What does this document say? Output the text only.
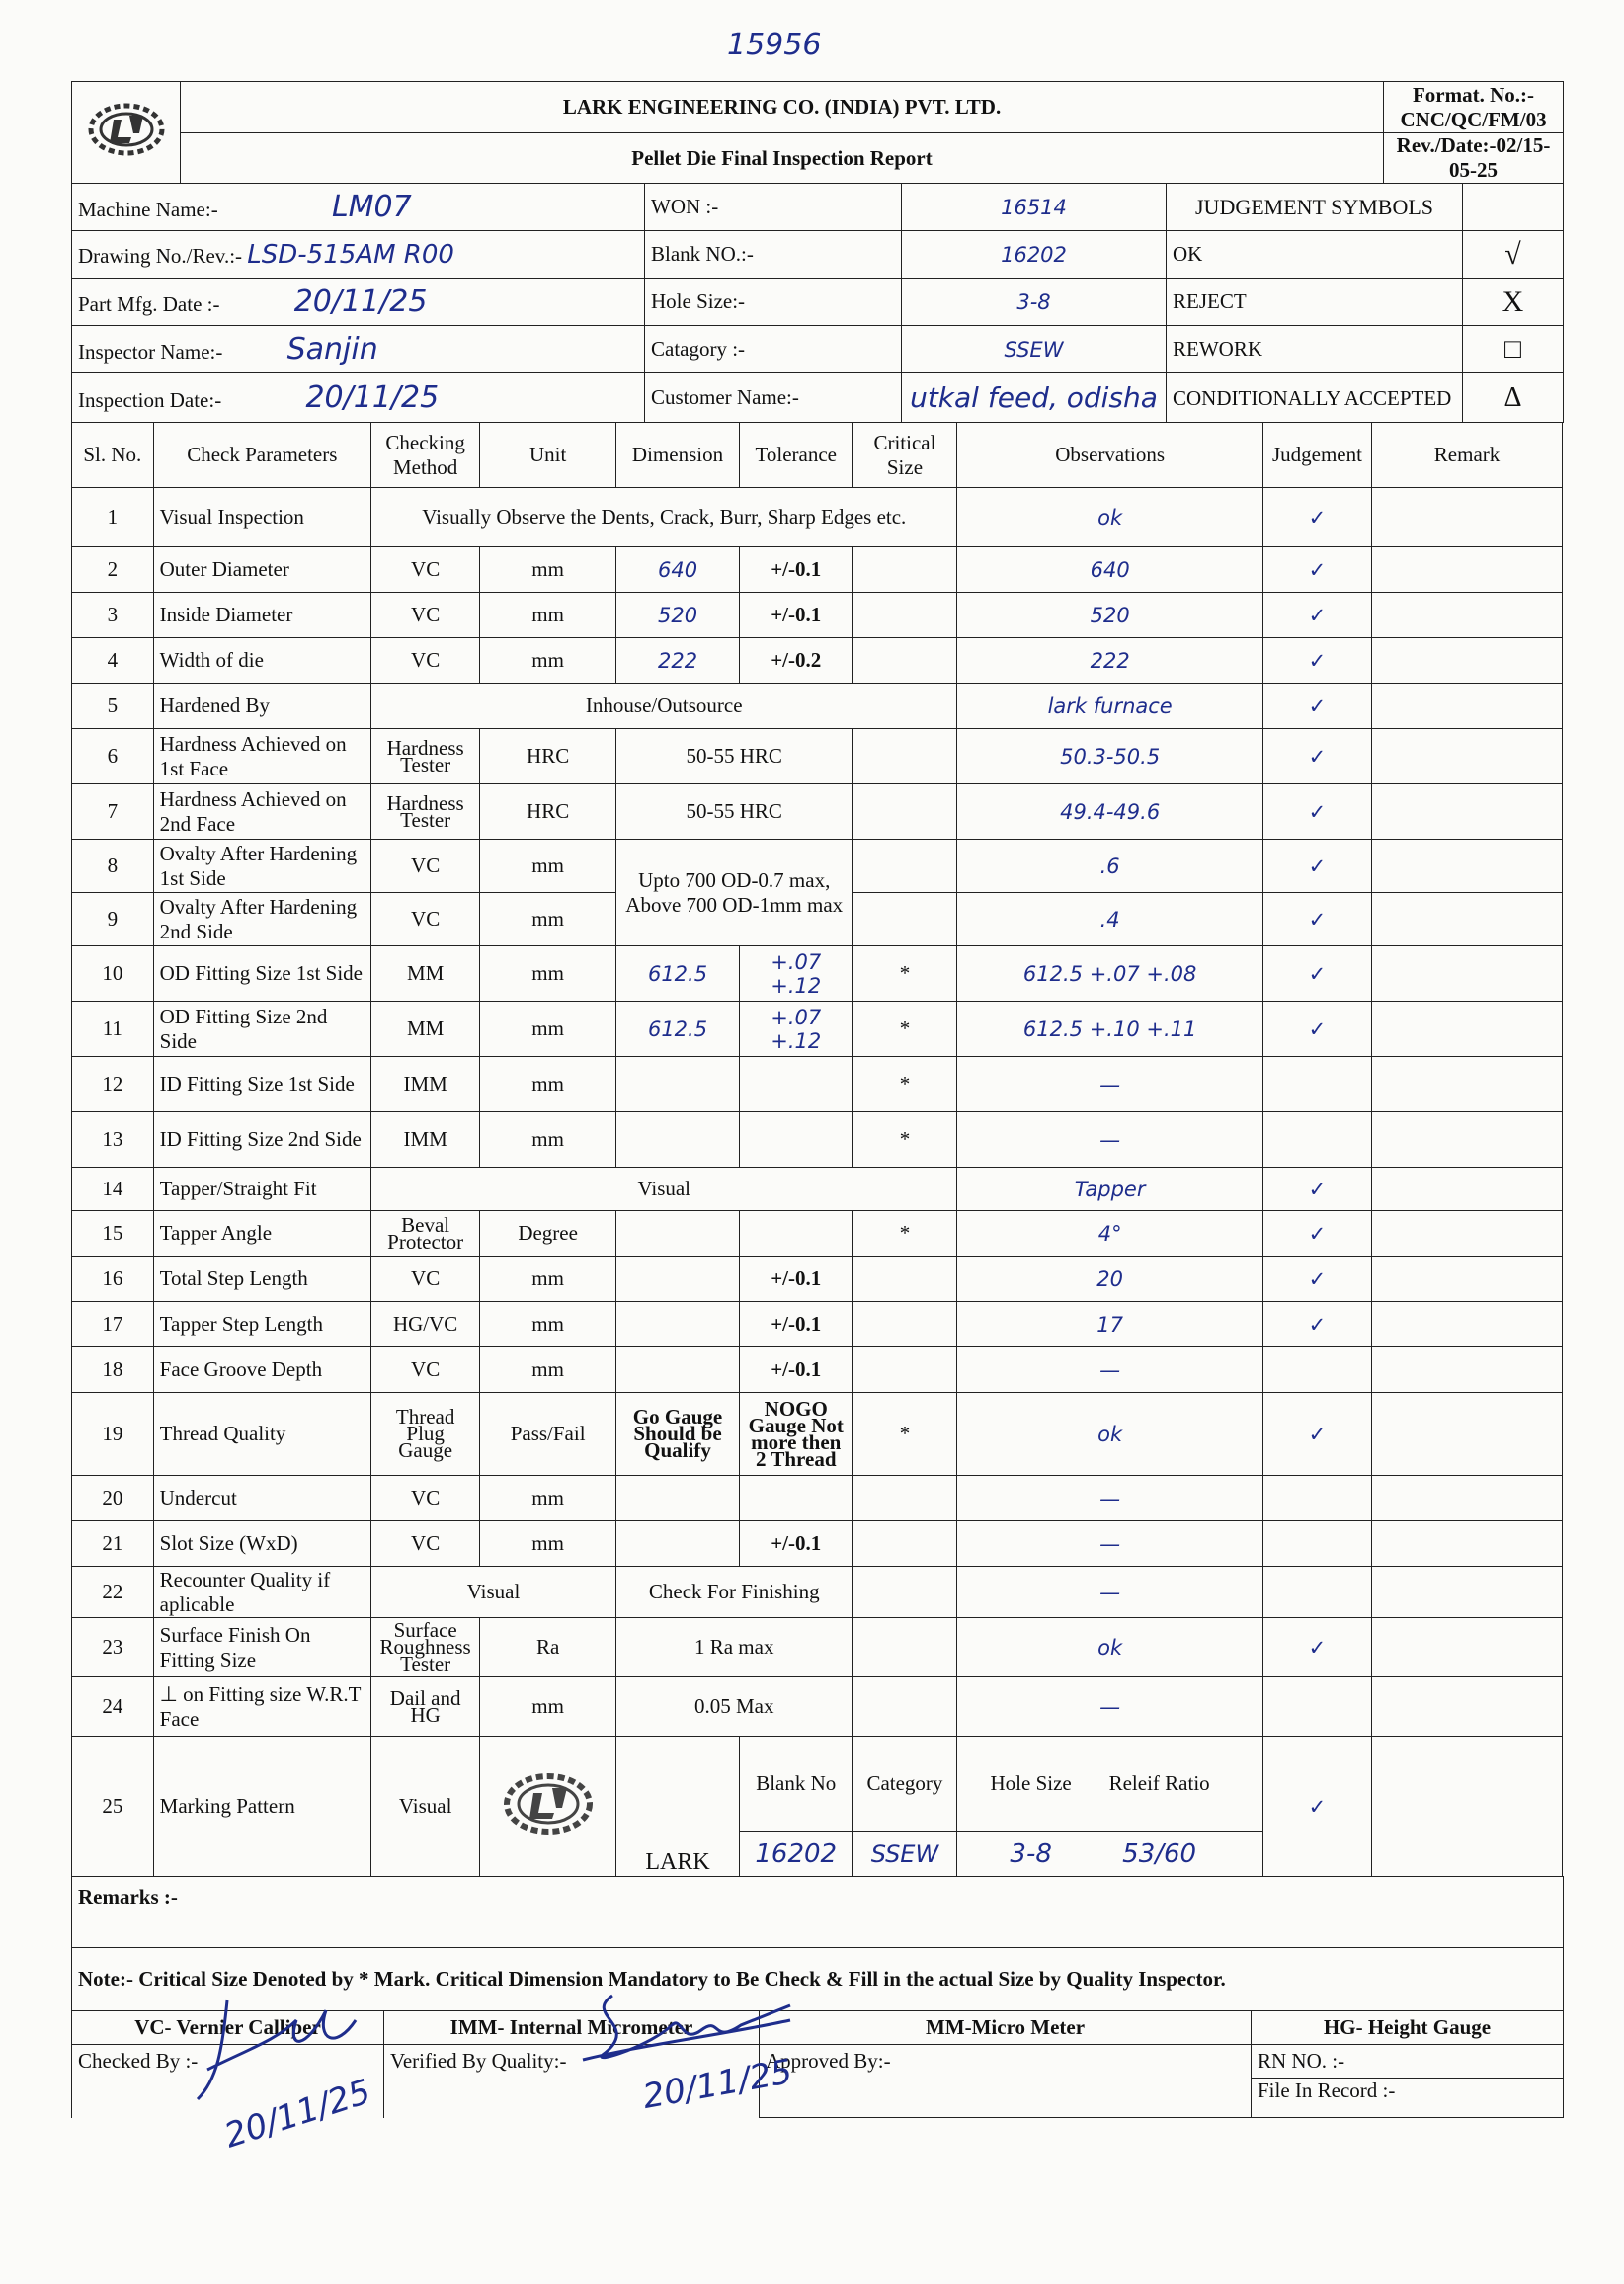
15956
	LARK ENGINEERING CO. (INDIA) PVT. LTD.				Format. No.:-CNC/QC/FM/03	
	Pellet Die Final Inspection Report				Rev./Date:-02/15-05-25	
Machine Name:- LM07		WON :-	16514	JUDGEMENT SYMBOLS		
Drawing No./Rev.:- LSD-515AM R00		Blank NO.:-	16202	OK		√
Part Mfg. Date :- 20/11/25		Hole Size:-	3-8	REJECT		X
Inspector Name:- Sanjin		Catagory :-	SSEW	REWORK		□
Inspection Date:- 20/11/25		Customer Name:-	utkal feed, odisha	CONDITIONALLY ACCEPTED		Δ
Sl. No.	Check Parameters	Checking Method	Unit	Dimension	Tolerance	Critical Size	Observations	Judgement	Remark
1	Visual Inspection	Visually Observe the Dents, Crack, Burr, Sharp Edges etc.					ok	✓	
2	Outer Diameter	VC	mm	640	+/-0.1		640	✓	
3	Inside Diameter	VC	mm	520	+/-0.1		520	✓	
4	Width of die	VC	mm	222	+/-0.2		222	✓	
5	Hardened By	Inhouse/Outsource					lark furnace	✓	
6	Hardness Achieved on 1st Face	Hardness Tester	HRC	50-55 HRC			50.3-50.5	✓	
7	Hardness Achieved on 2nd Face	Hardness Tester	HRC	50-55 HRC			49.4-49.6	✓	
8	Ovalty After Hardening 1st Side	VC	mm	Upto 700 OD-0.7 max, Above 700 OD-1mm max			.6	✓	
9	Ovalty After Hardening 2nd Side	VC	mm				.4	✓	
10	OD Fitting Size 1st Side	MM	mm	612.5	+.07 +.12	*	612.5 +.07 +.08	✓	
11	OD Fitting Size 2nd Side	MM	mm	612.5	+.07 +.12	*	612.5 +.10 +.11	✓	
12	ID Fitting Size 1st Side	IMM	mm			*	—		
13	ID Fitting Size 2nd Side	IMM	mm			*	—		
14	Tapper/Straight Fit	Visual					Tapper	✓	
15	Tapper Angle	Beval Protector	Degree			*	4°	✓	
16	Total Step Length	VC	mm		+/-0.1		20	✓	
17	Tapper Step Length	HG/VC	mm		+/-0.1		17	✓	
18	Face Groove Depth	VC	mm		+/-0.1		—		
19	Thread Quality	Thread Plug Gauge	Pass/Fail	Go Gauge Should be Qualify	NOGO Gauge Not more then 2 Thread	*	ok	✓	
20	Undercut	VC	mm				—		
21	Slot Size (WxD)	VC	mm		+/-0.1		—		
22	Recounter Quality if aplicable	Visual		Check For Finishing			—		
23	Surface Finish On Fitting Size	Surface Roughness Tester	Ra	1 Ra max			ok	✓	
24	⊥ on Fitting size W.R.T Face	Dail and HG	mm	0.05 Max			—		
25	Marking Pattern	Visual		LARK	Blank No	Category	Hole Size Releif Ratio	✓	
					16202	SSEW	3-8 53/60		
Remarks :-			
Note:- Critical Size Denoted by * Mark. Critical Dimension Mandatory to Be Check & Fill in the actual Size by Quality Inspector.			
VC- Vernier Calliper	IMM- Internal Micrometer	MM-Micro Meter	HG- Height Gauge
Checked By :-	Verified By Quality:-	Approved By:-	RN NO. :-
			File In Record :-
20/11/25	20/11/25
